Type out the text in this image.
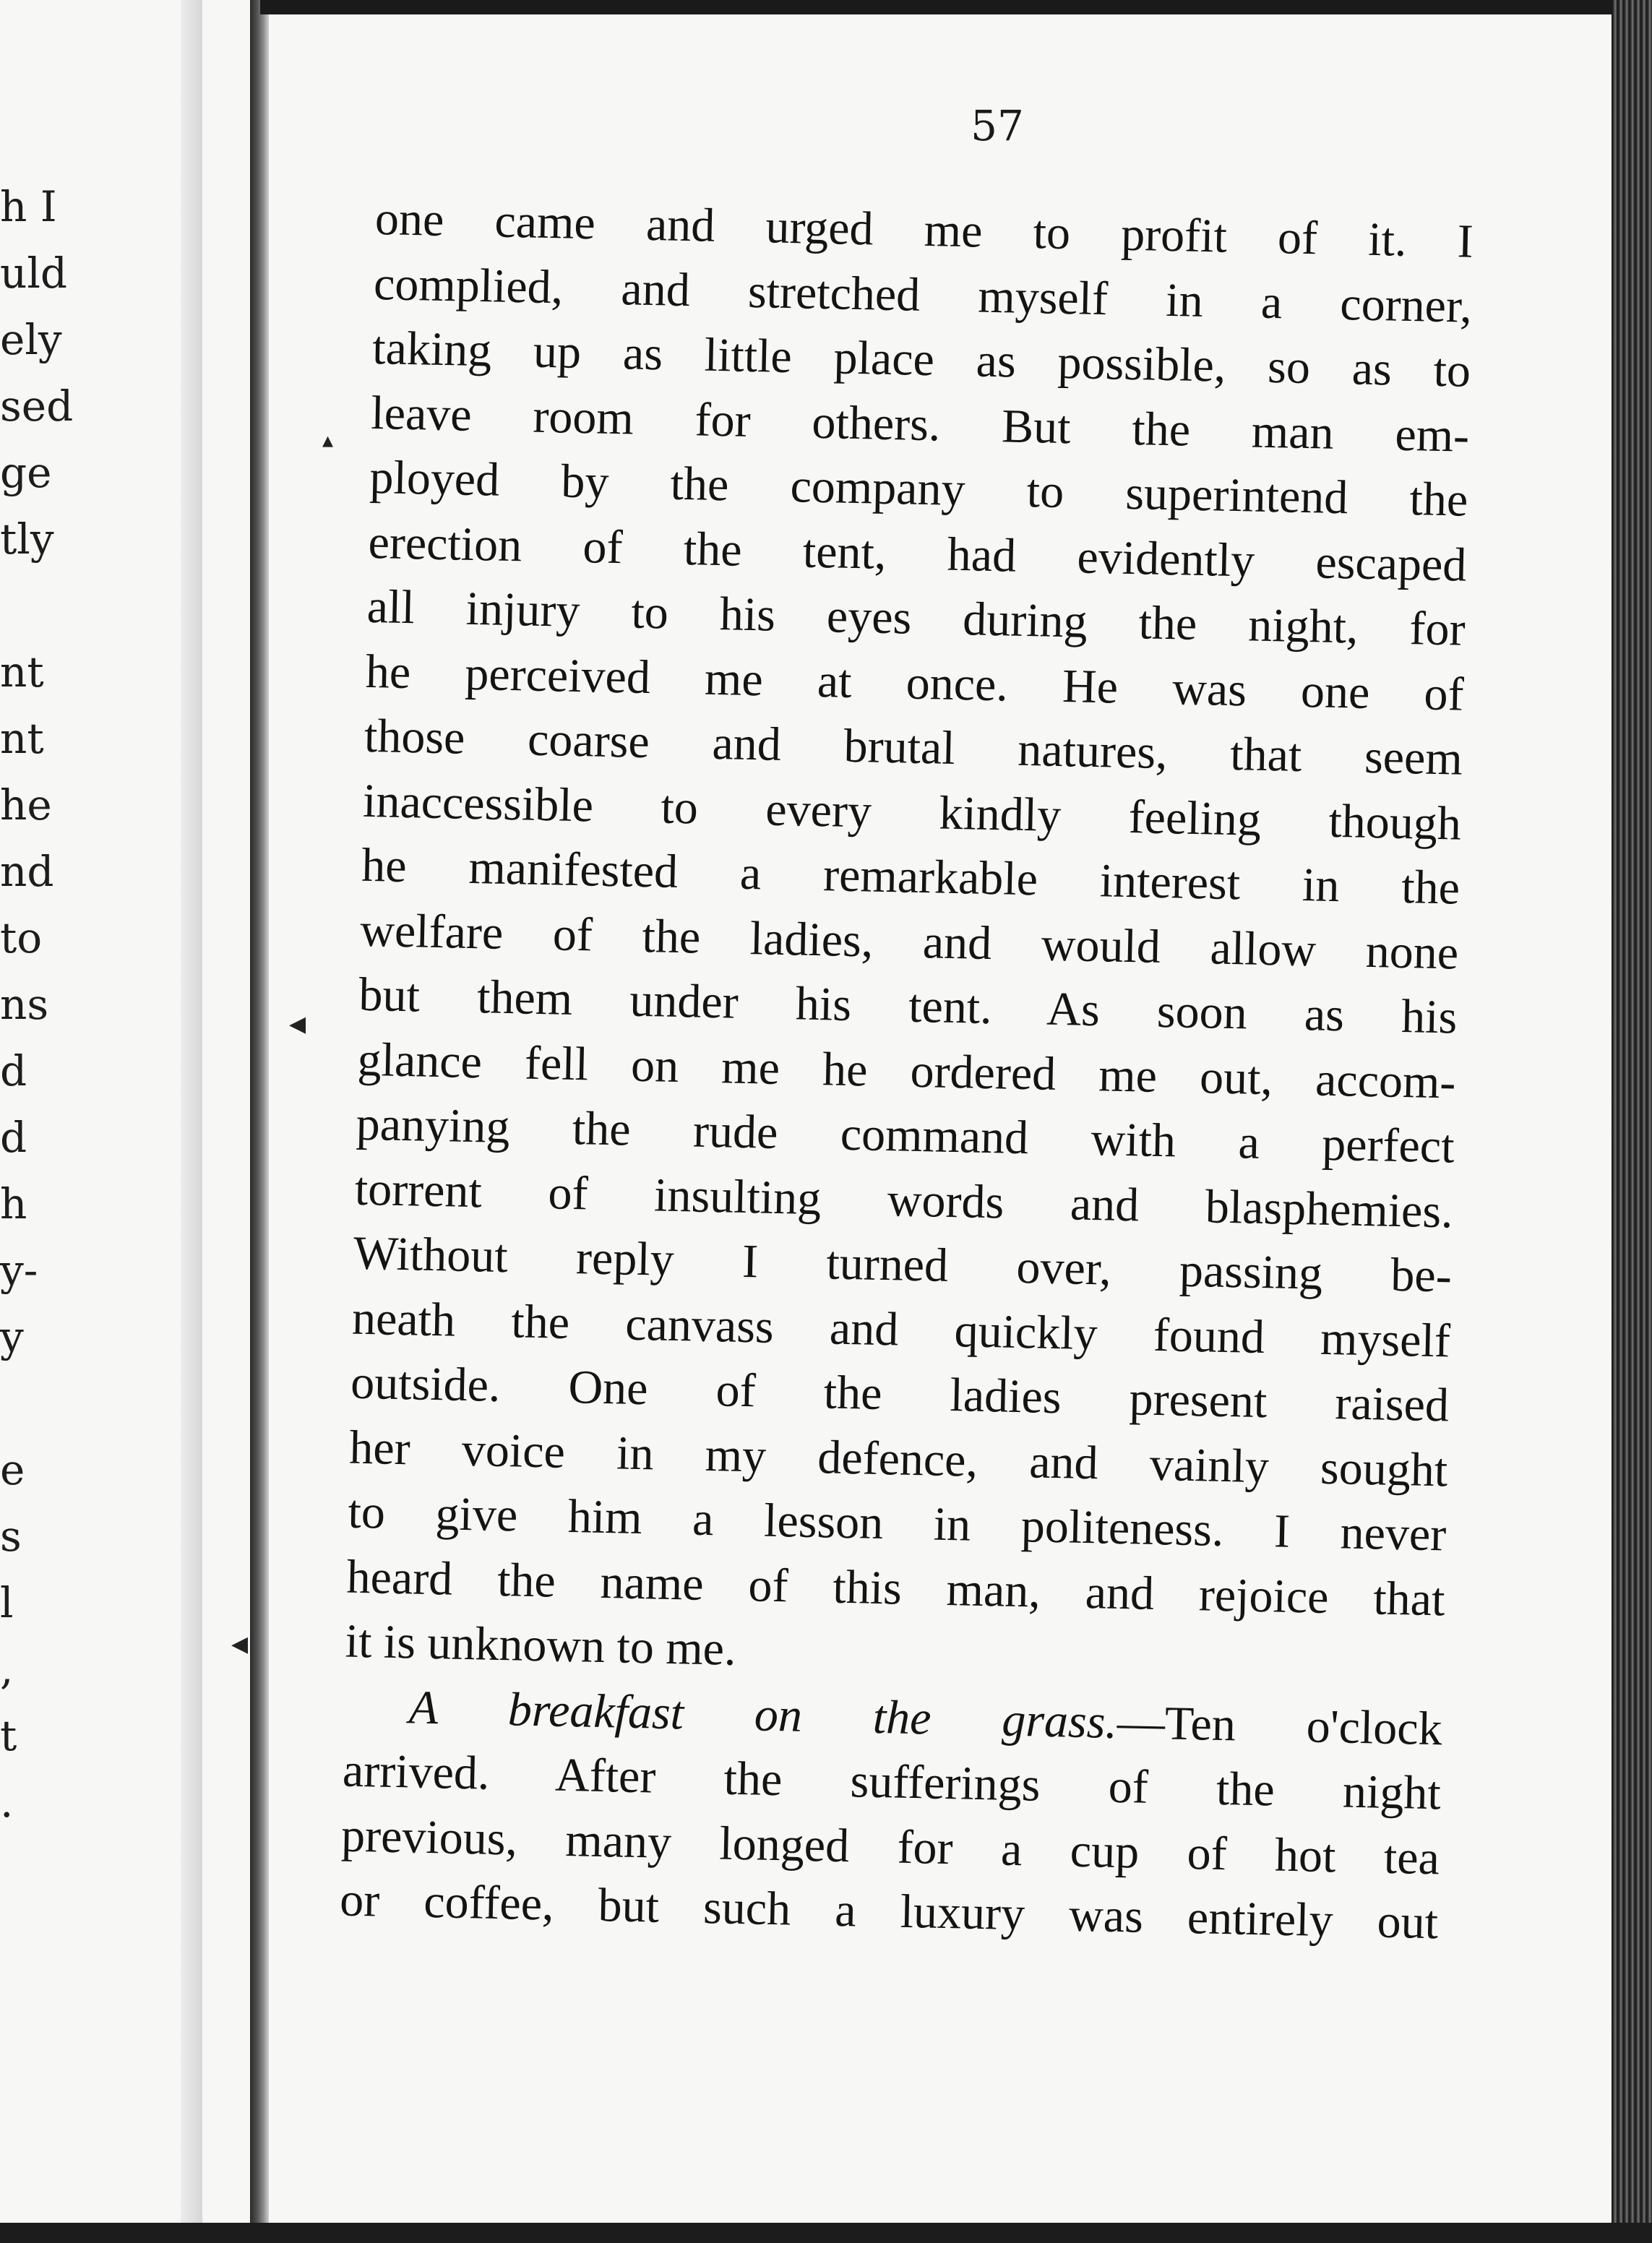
h I
uld
ely
sed
ge
tly
nt
nt
he
nd
to
ns
d
d
h
y-
y
e
s
l
,
t
.
▴
◀
◀
57
one came and urged me to profit of it. I
complied, and stretched myself in a corner,
taking up as little place as possible, so as to
leave room for others. But the man em-
ployed by the company to superintend the
erection of the tent, had evidently escaped
all injury to his eyes during the night, for
he perceived me at once. He was one of
those coarse and brutal natures, that seem
inaccessible to every kindly feeling though
he manifested a remarkable interest in the
welfare of the ladies, and would allow none
but them under his tent. As soon as his
glance fell on me he ordered me out, accom-
panying the rude command with a perfect
torrent of insulting words and blasphemies.
Without reply I turned over, passing be-
neath the canvass and quickly found myself
outside. One of the ladies present raised
her voice in my defence, and vainly sought
to give him a lesson in politeness. I never
heard the name of this man, and rejoice that
it is unknown to me.
A breakfast on the grass.—Ten o'clock
arrived. After the sufferings of the night
previous, many longed for a cup of hot tea
or coffee, but such a luxury was entirely out
